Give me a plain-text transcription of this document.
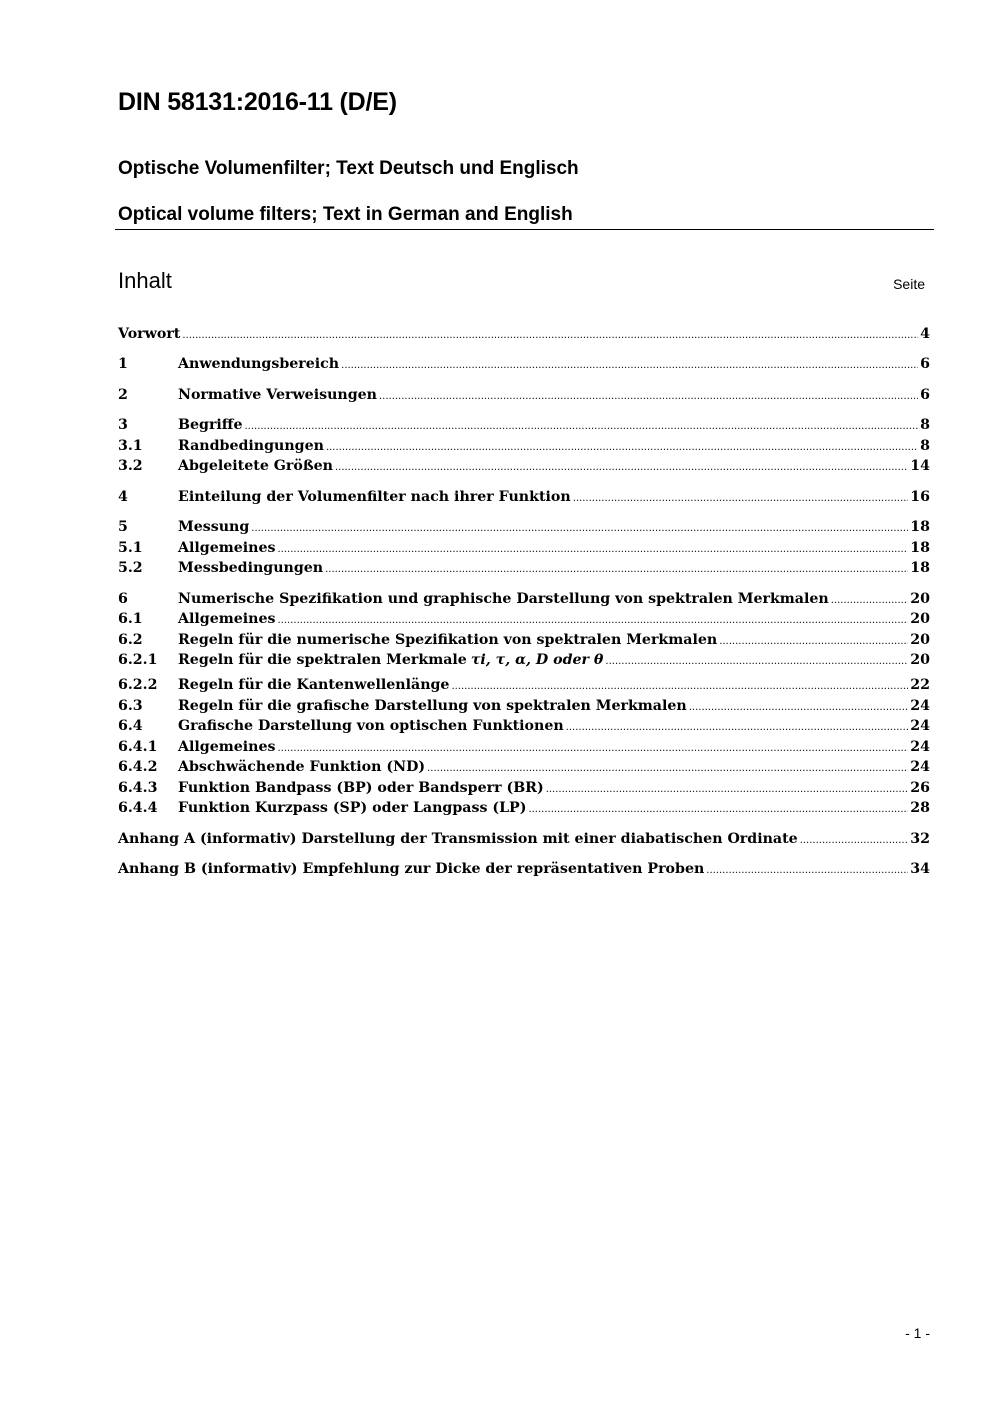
DIN 58131:2016-11 (D/E)
Optische Volumenfilter; Text Deutsch und Englisch
Optical volume filters; Text in German and English
Inhalt	Seite
Vorwort .....	4
1	Anwendungsbereich .....	6
2	Normative Verweisungen .....	6
3	Begriffe .....	8
3.1	Randbedingungen .....	8
3.2	Abgeleitete Größen .....	14
4	Einteilung der Volumenfilter nach ihrer Funktion .....	16
5	Messung .....	18
5.1	Allgemeines .....	18
5.2	Messbedingungen .....	18
6	Numerische Spezifikation und graphische Darstellung von spektralen Merkmalen .....	20
6.1	Allgemeines .....	20
6.2	Regeln für die numerische Spezifikation von spektralen Merkmalen .....	20
6.2.1	Regeln für die spektralen Merkmale τi, τ, α, D oder θ .....	20
6.2.2	Regeln für die Kantenwellenlänge .....	22
6.3	Regeln für die grafische Darstellung von spektralen Merkmalen .....	24
6.4	Grafische Darstellung von optischen Funktionen .....	24
6.4.1	Allgemeines .....	24
6.4.2	Abschwächende Funktion (ND) .....	24
6.4.3	Funktion Bandpass (BP) oder Bandsperr (BR) .....	26
6.4.4	Funktion Kurzpass (SP) oder Langpass (LP) .....	28
Anhang A (informativ) Darstellung der Transmission mit einer diabatischen Ordinate .....	32
Anhang B (informativ) Empfehlung zur Dicke der repräsentativen Proben .....	34
- 1 -
